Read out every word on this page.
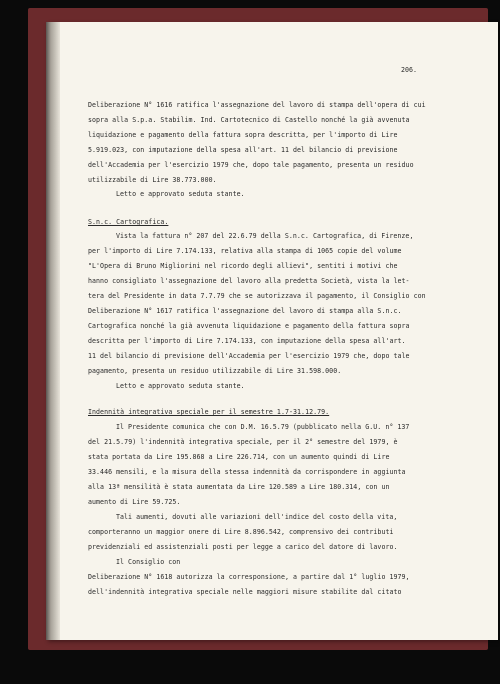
206.
Deliberazione N° 1616 ratifica l'assegnazione del lavoro di stampa dell'opera di cui
sopra alla S.p.a. Stabilim. Ind. Cartotecnico di Castello nonché la già avvenuta
liquidazione e pagamento della fattura sopra descritta, per l'importo di Lire
5.919.023, con imputazione della spesa all'art. 11 del bilancio di previsione
dell'Accademia per l'esercizio 1979 che, dopo tale pagamento, presenta un residuo
utilizzabile di Lire 38.773.000.
Letto e approvato seduta stante.
S.n.c. Cartografica.
Vista la fattura n° 207 del 22.6.79 della S.n.c. Cartografica, di Firenze,
per l'importo di Lire 7.174.133, relativa alla stampa di 1065 copie del volume
"L'Opera di Bruno Migliorini nel ricordo degli allievi", sentiti i motivi che
hanno consigliato l'assegnazione del lavoro alla predetta Società, vista la let-
tera del Presidente in data 7.7.79 che se autorizzava il pagamento, il Consiglio con
Deliberazione N° 1617 ratifica l'assegnazione del lavoro di stampa alla S.n.c.
Cartografica nonché la già avvenuta liquidazione e pagamento della fattura sopra
descritta per l'importo di Lire 7.174.133, con imputazione della spesa all'art.
11 del bilancio di previsione dell'Accademia per l'esercizio 1979 che, dopo tale
pagamento, presenta un residuo utilizzabile di Lire 31.598.000.
Letto e approvato seduta stante.
Indennità integrativa speciale per il semestre 1.7-31.12.79.
Il Presidente comunica che con D.M. 16.5.79 (pubblicato nella G.U. n° 137
del 21.5.79) l'indennità integrativa speciale, per il 2° semestre del 1979, è
stata portata da Lire 195.868 a Lire 226.714, con un aumento quindi di Lire
33.446 mensili, e la misura della stessa indennità da corrispondere in aggiunta
alla 13ª mensilità è stata aumentata da Lire 120.589 a Lire 180.314, con un
aumento di Lire 59.725.
Tali aumenti, dovuti alle variazioni dell'indice del costo della vita,
comporteranno un maggior onere di Lire 8.896.542, comprensivo dei contributi
previdenziali ed assistenziali posti per legge a carico del datore di lavoro.
Il Consiglio con
Deliberazione N° 1618 autorizza la corresponsione, a partire dal 1° luglio 1979,
dell'indennità integrativa speciale nelle maggiori misure stabilite dal citato
